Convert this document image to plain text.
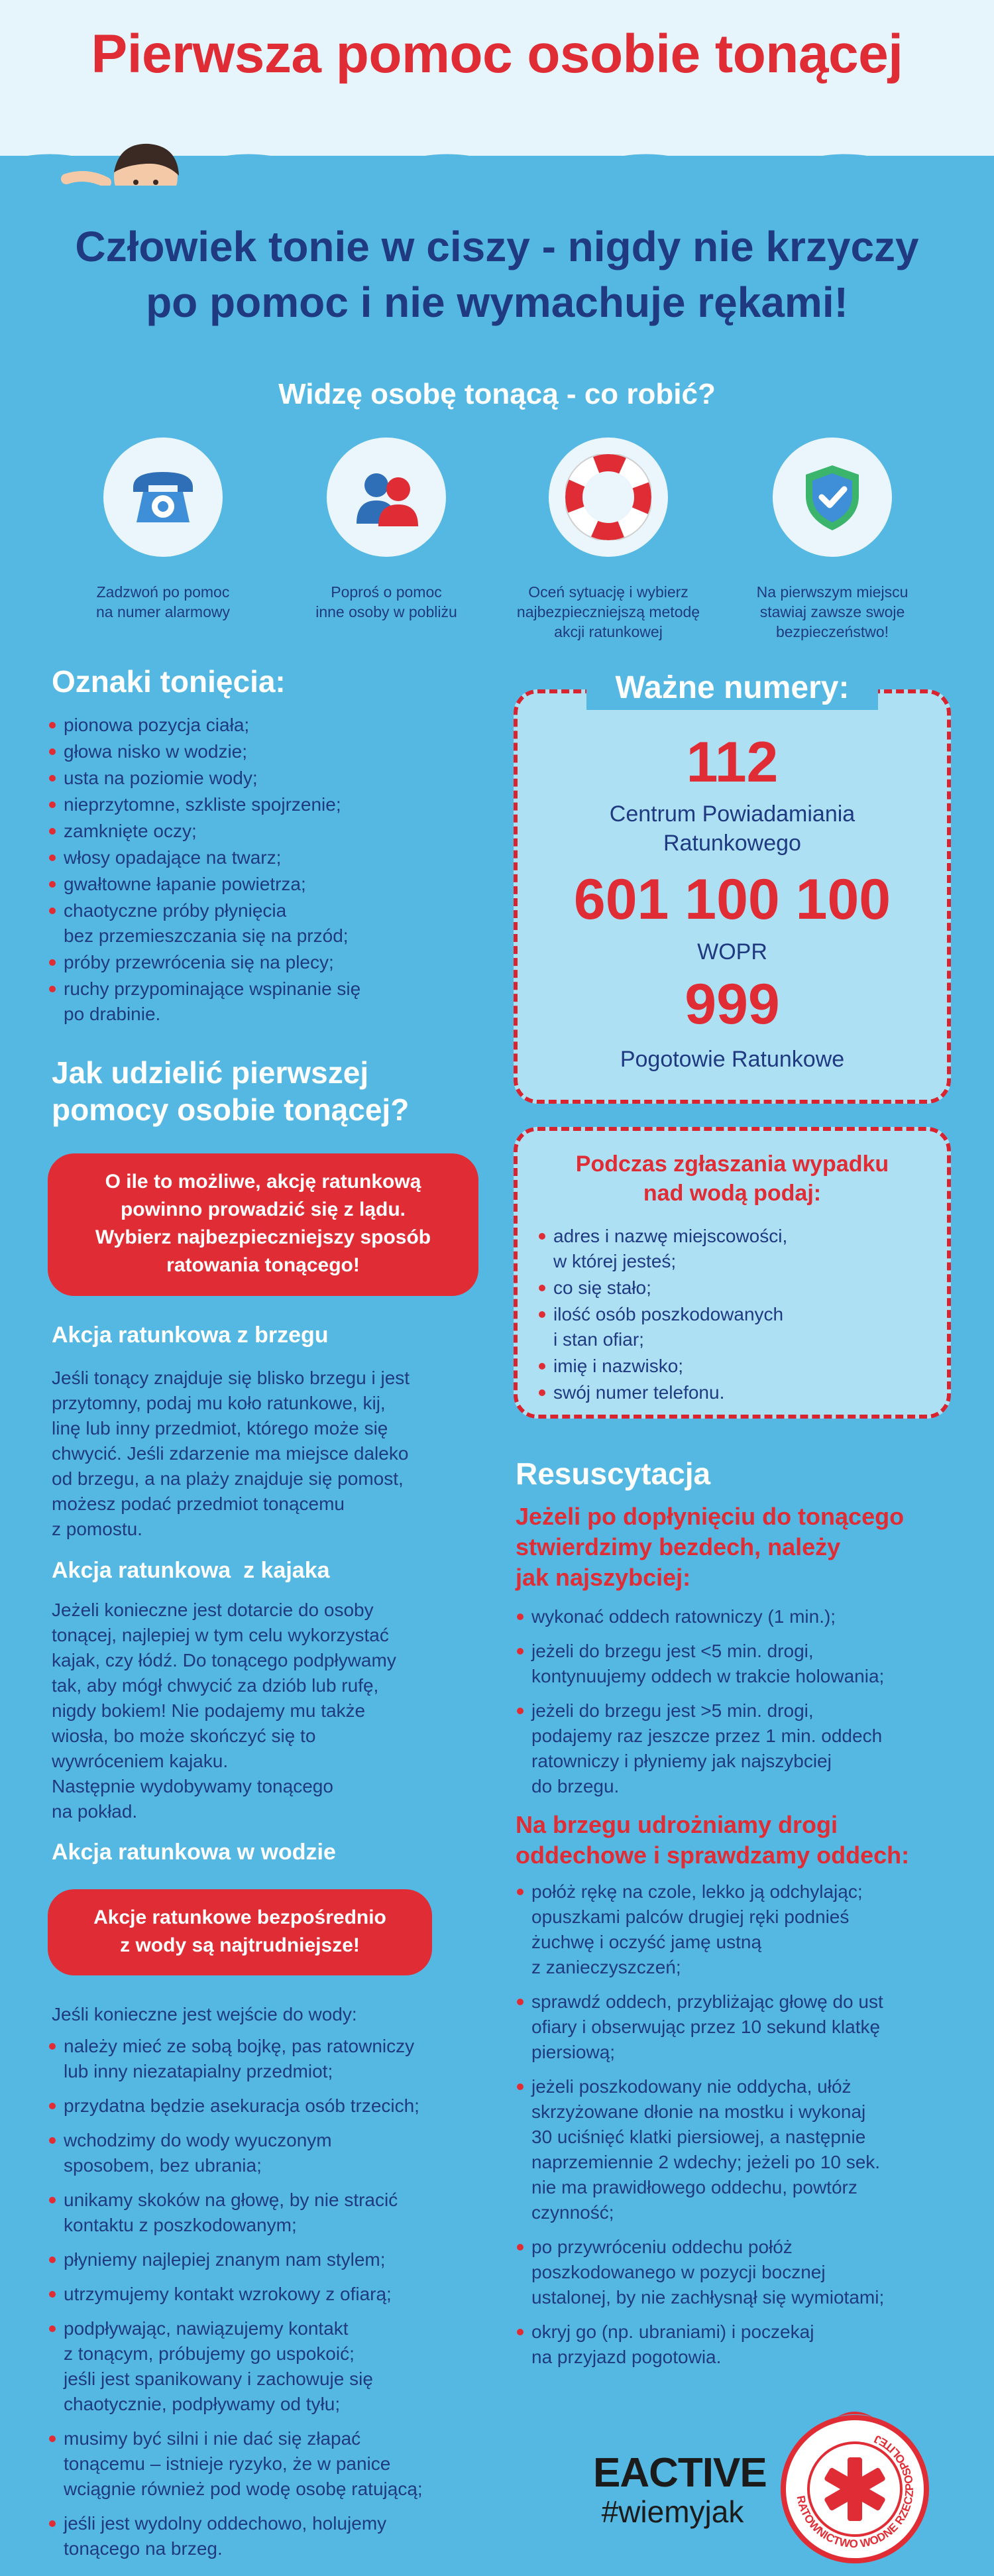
Pierwsza pomoc osobie tonącej
Człowiek tonie w ciszy - nigdy nie krzyczy
po pomoc i nie wymachuje rękami!
Widzę osobę tonącą - co robić?
Zadzwoń po pomoc
na numer alarmowy
Poproś o pomoc
inne osoby w pobliżu
Oceń sytuację i wybierz
najbezpieczniejszą metodę
akcji ratunkowej
Na pierwszym miejscu
stawiaj zawsze swoje
bezpieczeństwo!
Oznaki tonięcia:
pionowa pozycja ciała;
głowa nisko w wodzie;
usta na poziomie wody;
nieprzytomne, szkliste spojrzenie;
zamknięte oczy;
włosy opadające na twarz;
gwałtowne łapanie powietrza;
chaotyczne próby płynięcia
bez przemieszczania się na przód;
próby przewrócenia się na plecy;
ruchy przypominające wspinanie się
po drabinie.
Jak udzielić pierwszej
pomocy osobie tonącej?
O ile to możliwe, akcję ratunkową
powinno prowadzić się z lądu.
Wybierz najbezpieczniejszy sposób
ratowania tonącego!
Akcja ratunkowa z brzegu
Jeśli tonący znajduje się blisko brzegu i jest
przytomny, podaj mu koło ratunkowe, kij,
linę lub inny przedmiot, którego może się
chwycić. Jeśli zdarzenie ma miejsce daleko
od brzegu, a na plaży znajduje się pomost,
możesz podać przedmiot tonącemu
z pomostu.
Akcja ratunkowa  z kajaka
Jeżeli konieczne jest dotarcie do osoby
tonącej, najlepiej w tym celu wykorzystać
kajak, czy łódź. Do tonącego podpływamy
tak, aby mógł chwycić za dziób lub rufę,
nigdy bokiem! Nie podajemy mu także
wiosła, bo może skończyć się to
wywróceniem kajaku.
Następnie wydobywamy tonącego
na pokład.
Akcja ratunkowa w wodzie
Akcje ratunkowe bezpośrednio
z wody są najtrudniejsze!
Jeśli konieczne jest wejście do wody:
należy mieć ze sobą bojkę, pas ratowniczy
lub inny niezatapialny przedmiot;
przydatna będzie asekuracja osób trzecich;
wchodzimy do wody wyuczonym
sposobem, bez ubrania;
unikamy skoków na głowę, by nie stracić
kontaktu z poszkodowanym;
płyniemy najlepiej znanym nam stylem;
utrzymujemy kontakt wzrokowy z ofiarą;
podpływając, nawiązujemy kontakt
z tonącym, próbujemy go uspokoić;
jeśli jest spanikowany i zachowuje się
chaotycznie, podpływamy od tyłu;
musimy być silni i nie dać się złapać
tonącemu – istnieje ryzyko, że w panice
wciągnie również pod wodę osobę ratującą;
jeśli jest wydolny oddechowo, holujemy
tonącego na brzeg.
112
Centrum Powiadamiania
Ratunkowego
601 100 100
WOPR
999
Pogotowie Ratunkowe
Ważne numery:
Podczas zgłaszania wypadku
nad wodą podaj:
adres i nazwę miejscowości,
w której jesteś;
co się stało;
ilość osób poszkodowanych
i stan ofiar;
imię i nazwisko;
swój numer telefonu.
Resuscytacja
Jeżeli po dopłynięciu do tonącego
stwierdzimy bezdech, należy
jak najszybciej:
wykonać oddech ratowniczy (1 min.);
jeżeli do brzegu jest <5 min. drogi,
kontynuujemy oddech w trakcie holowania;
jeżeli do brzegu jest >5 min. drogi,
podajemy raz jeszcze przez 1 min. oddech
ratowniczy i płyniemy jak najszybciej
do brzegu.
Na brzegu udrożniamy drogi
oddechowe i sprawdzamy oddech:
połóż rękę na czole, lekko ją odchylając;
opuszkami palców drugiej ręki podnieś
żuchwę i oczyść jamę ustną
z zanieczyszczeń;
sprawdź oddech, przybliżając głowę do ust
ofiary i obserwując przez 10 sekund klatkę
piersiową;
jeżeli poszkodowany nie oddycha, ułóż
skrzyżowane dłonie na mostku i wykonaj
30 uciśnięć klatki piersiowej, a następnie
naprzemiennie 2 wdechy; jeżeli po 10 sek.
nie ma prawidłowego oddechu, powtórz
czynność;
po przywróceniu oddechu połóż
poszkodowanego w pozycji bocznej
ustalonej, by nie zachłysnął się wymiotami;
okryj go (np. ubraniami) i poczekaj
na przyjazd pogotowia.
EACTIVE
#wiemyjak	RATOWNICTWO WODNE RZECZPOSPOLITEJ
